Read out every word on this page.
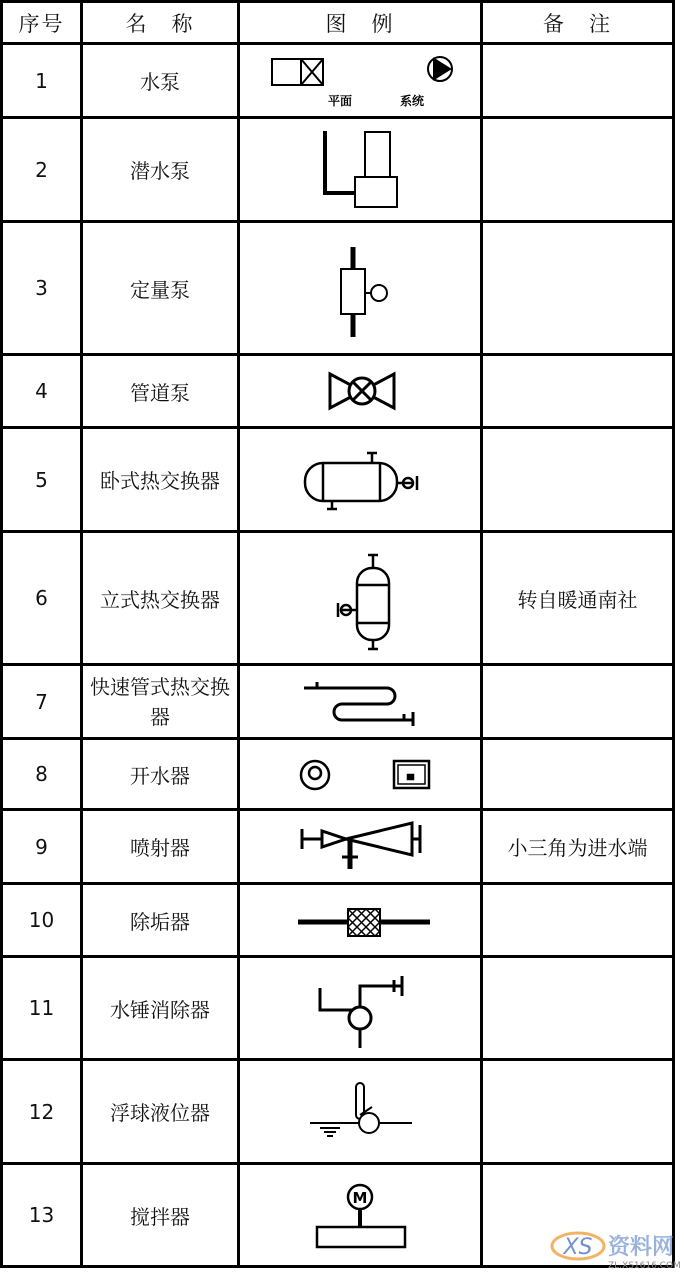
序号	名　称	图　例	备　注
1	水泵	平面 系统	

2	潜水泵	

3	定量泵	

4	管道泵	

5	卧式热交换器	

6	立式热交换器		转自暖通南社
7	快速管式热交换器	

8	开水器	

9	喷射器		小三角为进水端
10	除垢器	

11	水锤消除器	

12	浮球液位器	

13	搅拌器	M	

XS 资料网
ZL.XS1616.COM
